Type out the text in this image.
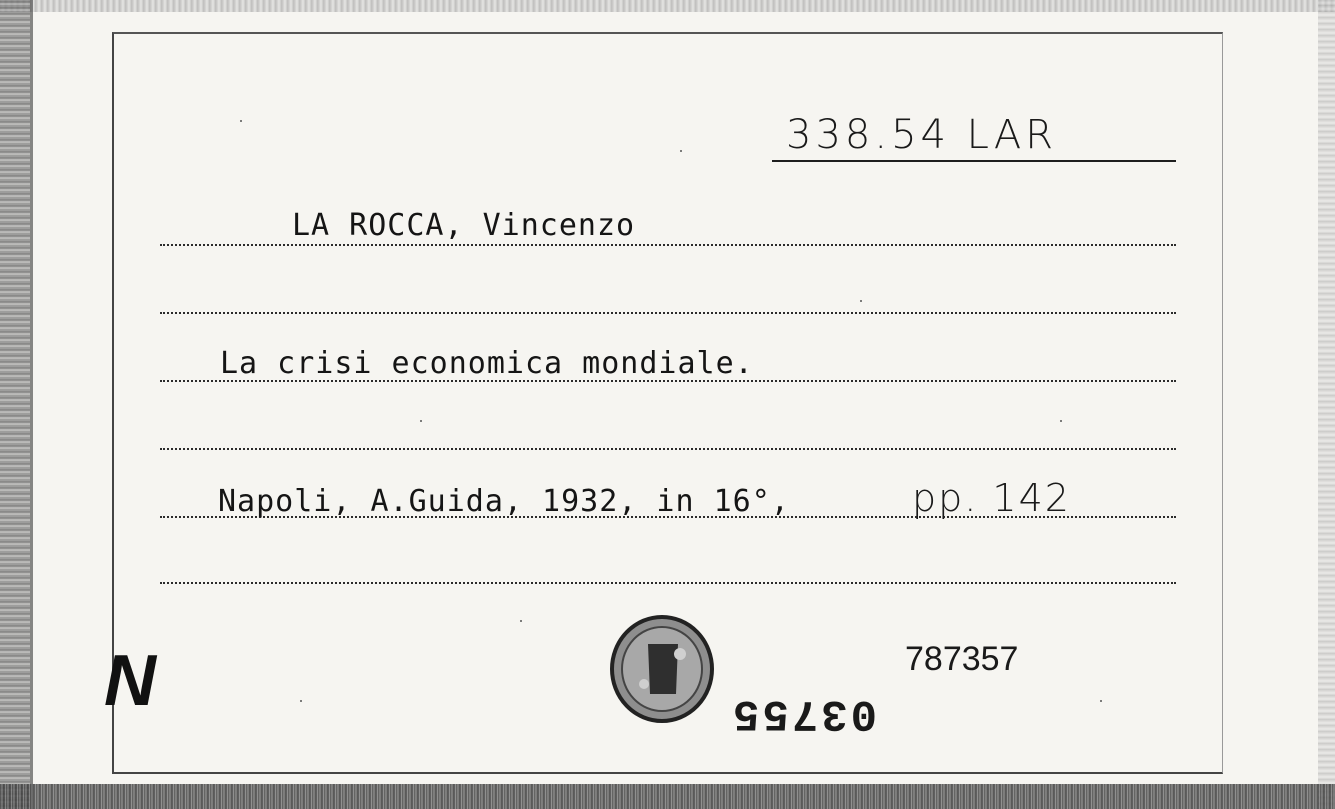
338.54 LAR
LA ROCCA, Vincenzo
La crisi economica mondiale.
Napoli, A.Guida, 1932, in 16°,	pp. 142
N	787357
03755
